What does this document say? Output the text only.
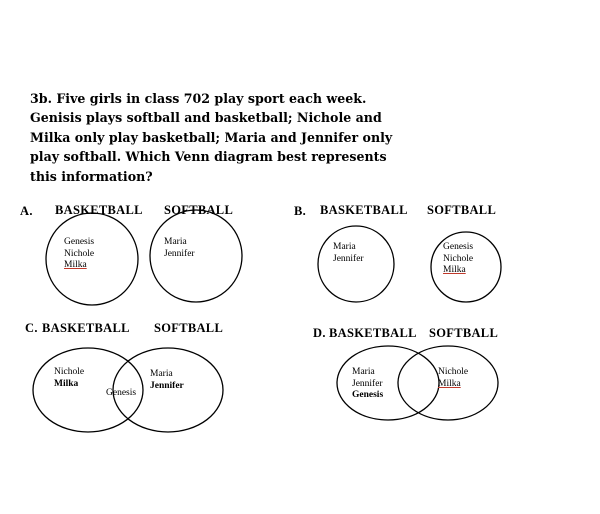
3b. Five girls in class 702 play sport each week.
Genisis plays softball and basketball; Nichole and
Milka only play basketball; Maria and Jennifer only
play softball. Which Venn diagram best represents
this information?
A. BASKETBALL SOFTBALL
Genesis
Nichole
Milka
Maria
Jennifer
B. BASKETBALL SOFTBALL
Maria
Jennifer
Genesis
Nichole
Milka
C. BASKETBALL SOFTBALL
Nichole
Milka
Genesis
Maria
Jennifer
D. BASKETBALL SOFTBALL
Maria
Jennifer
Genesis
Nichole
Milka
